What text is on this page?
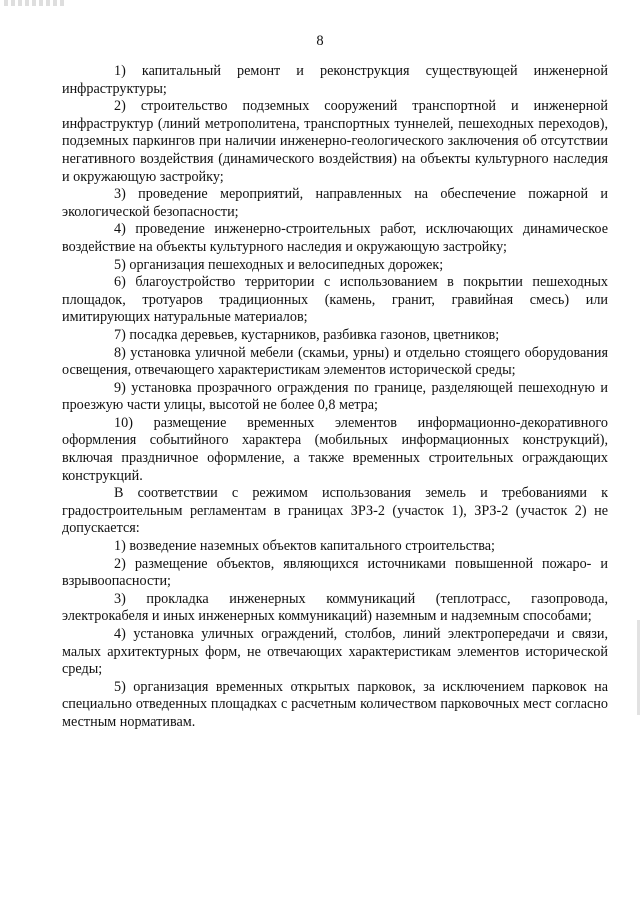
8

1) капитальный ремонт и реконструкция существующей инженерной инфраструктуры;

2) строительство подземных сооружений транспортной и инженерной инфраструктур (линий метрополитена, транспортных туннелей, пешеходных переходов), подземных паркингов при наличии инженерно-геологического заключения об отсутствии негативного воздействия (динамического воздействия) на объекты культурного наследия и окружающую застройку;

3) проведение мероприятий, направленных на обеспечение пожарной и экологической безопасности;

4) проведение инженерно-строительных работ, исключающих динамическое воздействие на объекты культурного наследия и окружающую застройку;

5) организация пешеходных и велосипедных дорожек;

6) благоустройство территории с использованием в покрытии пешеходных площадок, тротуаров традиционных (камень, гранит, гравийная смесь) или имитирующих натуральные материалов;

7) посадка деревьев, кустарников, разбивка газонов, цветников;

8) установка уличной мебели (скамьи, урны) и отдельно стоящего оборудования освещения, отвечающего характеристикам элементов исторической среды;

9) установка прозрачного ограждения по границе, разделяющей пешеходную и проезжую части улицы, высотой не более 0,8 метра;

10) размещение временных элементов информационно-декоративного оформления событийного характера (мобильных информационных конструкций), включая праздничное оформление, а также временных строительных ограждающих конструкций.

В соответствии с режимом использования земель и требованиями к градостроительным регламентам в границах ЗРЗ-2 (участок 1), ЗРЗ-2 (участок 2) не допускается:

1) возведение наземных объектов капитального строительства;

2) размещение объектов, являющихся источниками повышенной пожаро- и взрывоопасности;

3) прокладка инженерных коммуникаций (теплотрасс, газопровода, электрокабеля и иных инженерных коммуникаций) наземным и надземным способами;

4) установка уличных ограждений, столбов, линий электропередачи и связи, малых архитектурных форм, не отвечающих характеристикам элементов исторической среды;

5) организация временных открытых парковок, за исключением парковок на специально отведенных площадках с расчетным количеством парковочных мест согласно местным нормативам.
